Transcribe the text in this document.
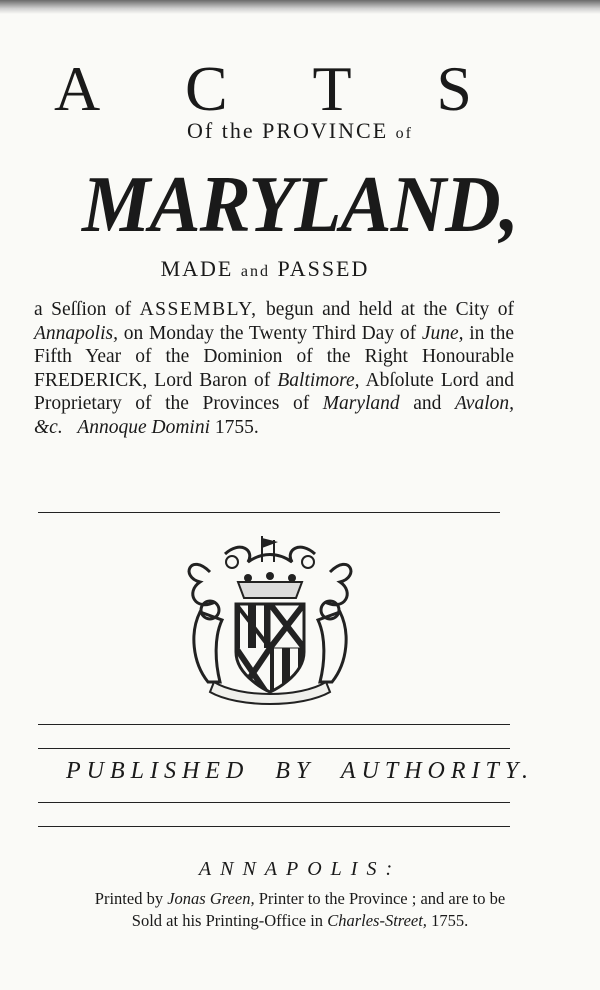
A C T S
Of the PROVINCE of
MARYLAND,
MADE and PASSED
a Seſſion of ASSEMBLY, begun and held at the City of Annapolis, on Monday the Twenty Third Day of June, in the Fifth Year of the Dominion of the Right Honourable FREDERICK, Lord Baron of Baltimore, Abſolute Lord and Proprietary of the Provinces of Maryland and Avalon, &c. Annoque Domini 1755.
PUBLISHED BY AUTHORITY.
ANNAPOLIS:
Printed by Jonas Green, Printer to the Province ; and are to be
Sold at his Printing-Office in Charles-Street, 1755.
